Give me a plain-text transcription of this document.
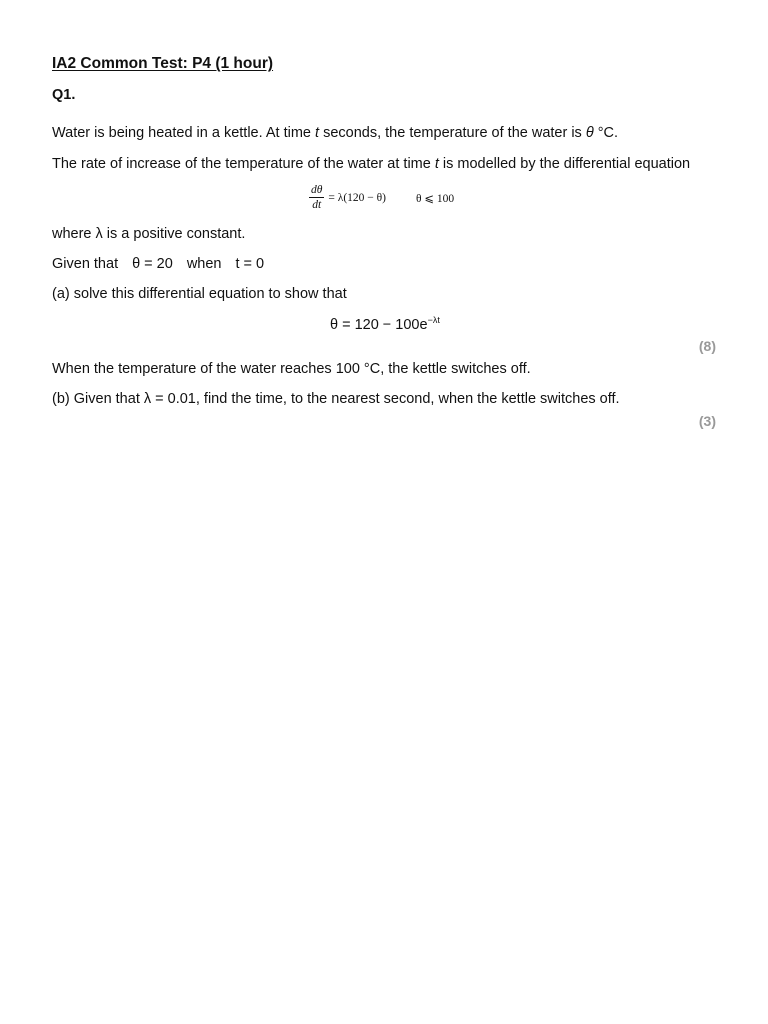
IA2 Common Test: P4 (1 hour)
Q1.
Water is being heated in a kettle. At time t seconds, the temperature of the water is θ °C.
The rate of increase of the temperature of the water at time t is modelled by the differential equation
$\frac{d\theta}{dt} = \lambda(120 - \theta)$	θ ⩽ 100
where λ is a positive constant.
Given that θ = 20 when t = 0
(a) solve this differential equation to show that
$\theta = 120 - 100e^{-\lambda t}$
(8)
When the temperature of the water reaches 100 °C, the kettle switches off.
(b) Given that λ = 0.01, find the time, to the nearest second, when the kettle switches off.
(3)
